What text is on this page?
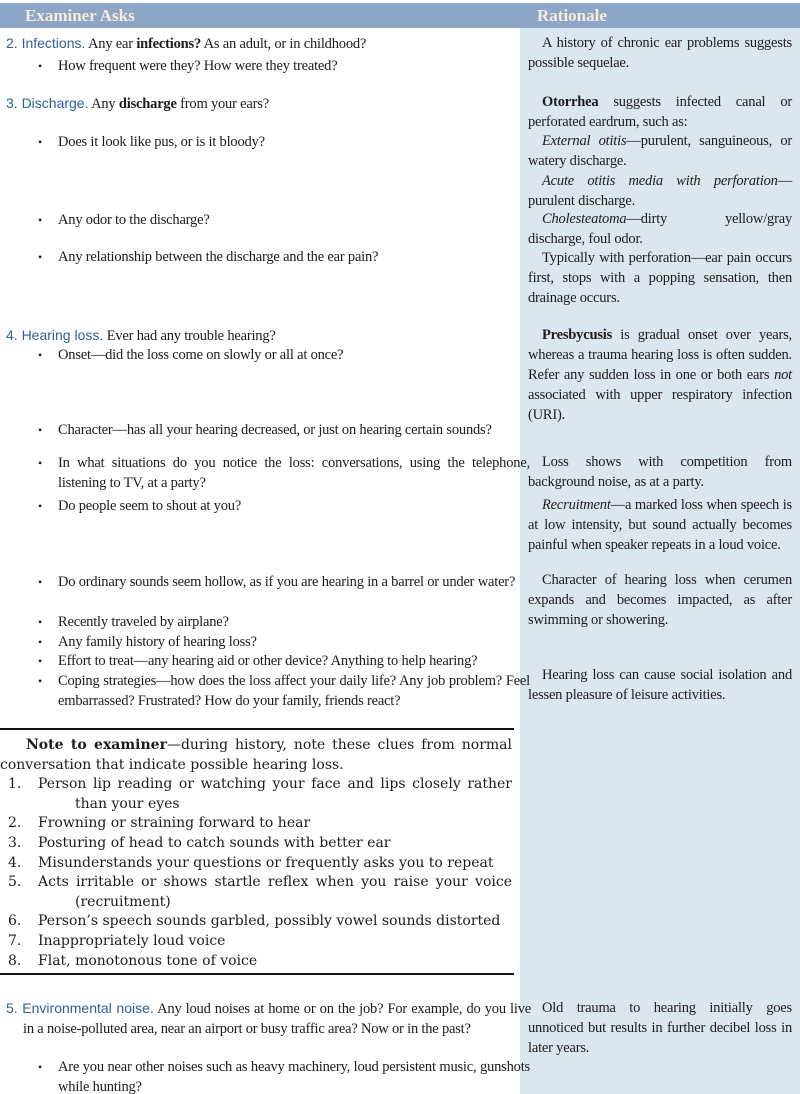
Examiner Asks	Rationale
2. Infections. Any ear infections? As an adult, or in childhood?
•How frequent were they? How were they treated?
3. Discharge. Any discharge from your ears?
•Does it look like pus, or is it bloody?
•Any odor to the discharge?
•Any relationship between the discharge and the ear pain?
4. Hearing loss. Ever had any trouble hearing?
•Onset—did the loss come on slowly or all at once?
•Character—has all your hearing decreased, or just on hearing certain sounds?
•In what situations do you notice the loss: conversations, using the telephone, listening to TV, at a party?
•Do people seem to shout at you?
•Do ordinary sounds seem hollow, as if you are hearing in a barrel or under water?
•Recently traveled by airplane?
•Any family history of hearing loss?
•Effort to treat—any hearing aid or other device? Anything to help hearing?
•Coping strategies—how does the loss affect your daily life? Any job problem? Feel embarrassed? Frustrated? How do your family, friends react?
Note to examiner—during history, note these clues from normal conversation that indicate possible hearing loss.
1. Person lip reading or watching your face and lips closely rather than your eyes
2. Frowning or straining forward to hear
3. Posturing of head to catch sounds with better ear
4. Misunderstands your questions or frequently asks you to repeat
5. Acts irritable or shows startle reflex when you raise your voice (recruitment)
6. Person’s speech sounds garbled, possibly vowel sounds distorted
7. Inappropriately loud voice
8. Flat, monotonous tone of voice
5. Environmental noise. Any loud noises at home or on the job? For example, do you live in a noise-polluted area, near an airport or busy traffic area? Now or in the past?
•Are you near other noises such as heavy machinery, loud persistent music, gunshots while hunting?
A history of chronic ear problems suggests possible sequelae.
Otorrhea suggests infected canal or perforated eardrum, such as:
External otitis—purulent, sanguineous, or watery discharge.
Acute otitis media with perforation—purulent discharge.
Cholesteatoma—dirty yellow/gray discharge, foul odor.
Typically with perforation—ear pain occurs first, stops with a popping sensation, then drainage occurs.
Presbycusis is gradual onset over years, whereas a trauma hearing loss is often sudden. Refer any sudden loss in one or both ears not associated with upper respiratory infection (URI).
Loss shows with competition from background noise, as at a party.
Recruitment—a marked loss when speech is at low intensity, but sound actually becomes painful when speaker repeats in a loud voice.
Character of hearing loss when cerumen expands and becomes impacted, as after swimming or showering.
Hearing loss can cause social isolation and lessen pleasure of leisure activities.
Old trauma to hearing initially goes unnoticed but results in further decibel loss in later years.
